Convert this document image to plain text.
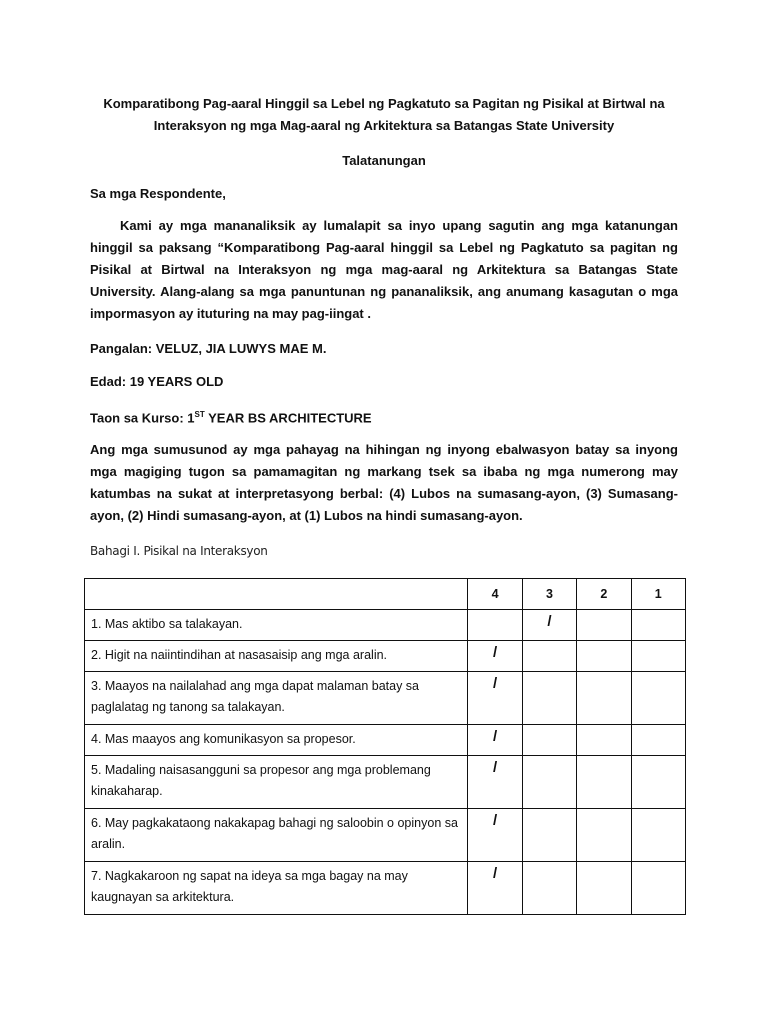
Komparatibong Pag-aaral Hinggil sa Lebel ng Pagkatuto sa Pagitan ng Pisikal at Birtwal na Interaksyon ng mga Mag-aaral ng Arkitektura sa Batangas State University

Talatanungan

Sa mga Respondente,

Kami ay mga mananaliksik ay lumalapit sa inyo upang sagutin ang mga katanungan hinggil sa paksang “Komparatibong Pag-aaral hinggil sa Lebel ng Pagkatuto sa pagitan ng Pisikal at Birtwal na Interaksyon ng mga mag-aaral ng Arkitektura sa Batangas State University. Alang-alang sa mga panuntunan ng pananaliksik, ang anumang kasagutan o mga impormasyon ay ituturing na may pag-iingat .

Pangalan: VELUZ, JIA LUWYS MAE M.

Edad: 19 YEARS OLD

Taon sa Kurso: 1ST YEAR BS ARCHITECTURE

Ang mga sumusunod ay mga pahayag na hihingan ng inyong ebalwasyon batay sa inyong mga magiging tugon sa pamamagitan ng markang tsek sa ibaba ng mga numerong may katumbas na sukat at interpretasyong berbal: (4) Lubos na sumasang-ayon, (3) Sumasang-ayon, (2) Hindi sumasang-ayon, at (1) Lubos na hindi sumasang-ayon.

Bahagi I. Pisikal na Interaksyon

	4	3	2	1
1. Mas aktibo sa talakayan.		/		
2. Higit na naiintindihan at nasasaisip ang mga aralin.	/			
3. Maayos na nailalahad ang mga dapat malaman batay sa paglalatag ng tanong sa talakayan.	/			
4. Mas maayos ang komunikasyon sa propesor.	/			
5. Madaling naisasangguni sa propesor ang mga problemang kinakaharap.	/			
6. May pagkakataong nakakapag bahagi ng saloobin o opinyon sa aralin.	/			
7. Nagkakaroon ng sapat na ideya sa mga bagay na may kaugnayan sa arkitektura.	/			
